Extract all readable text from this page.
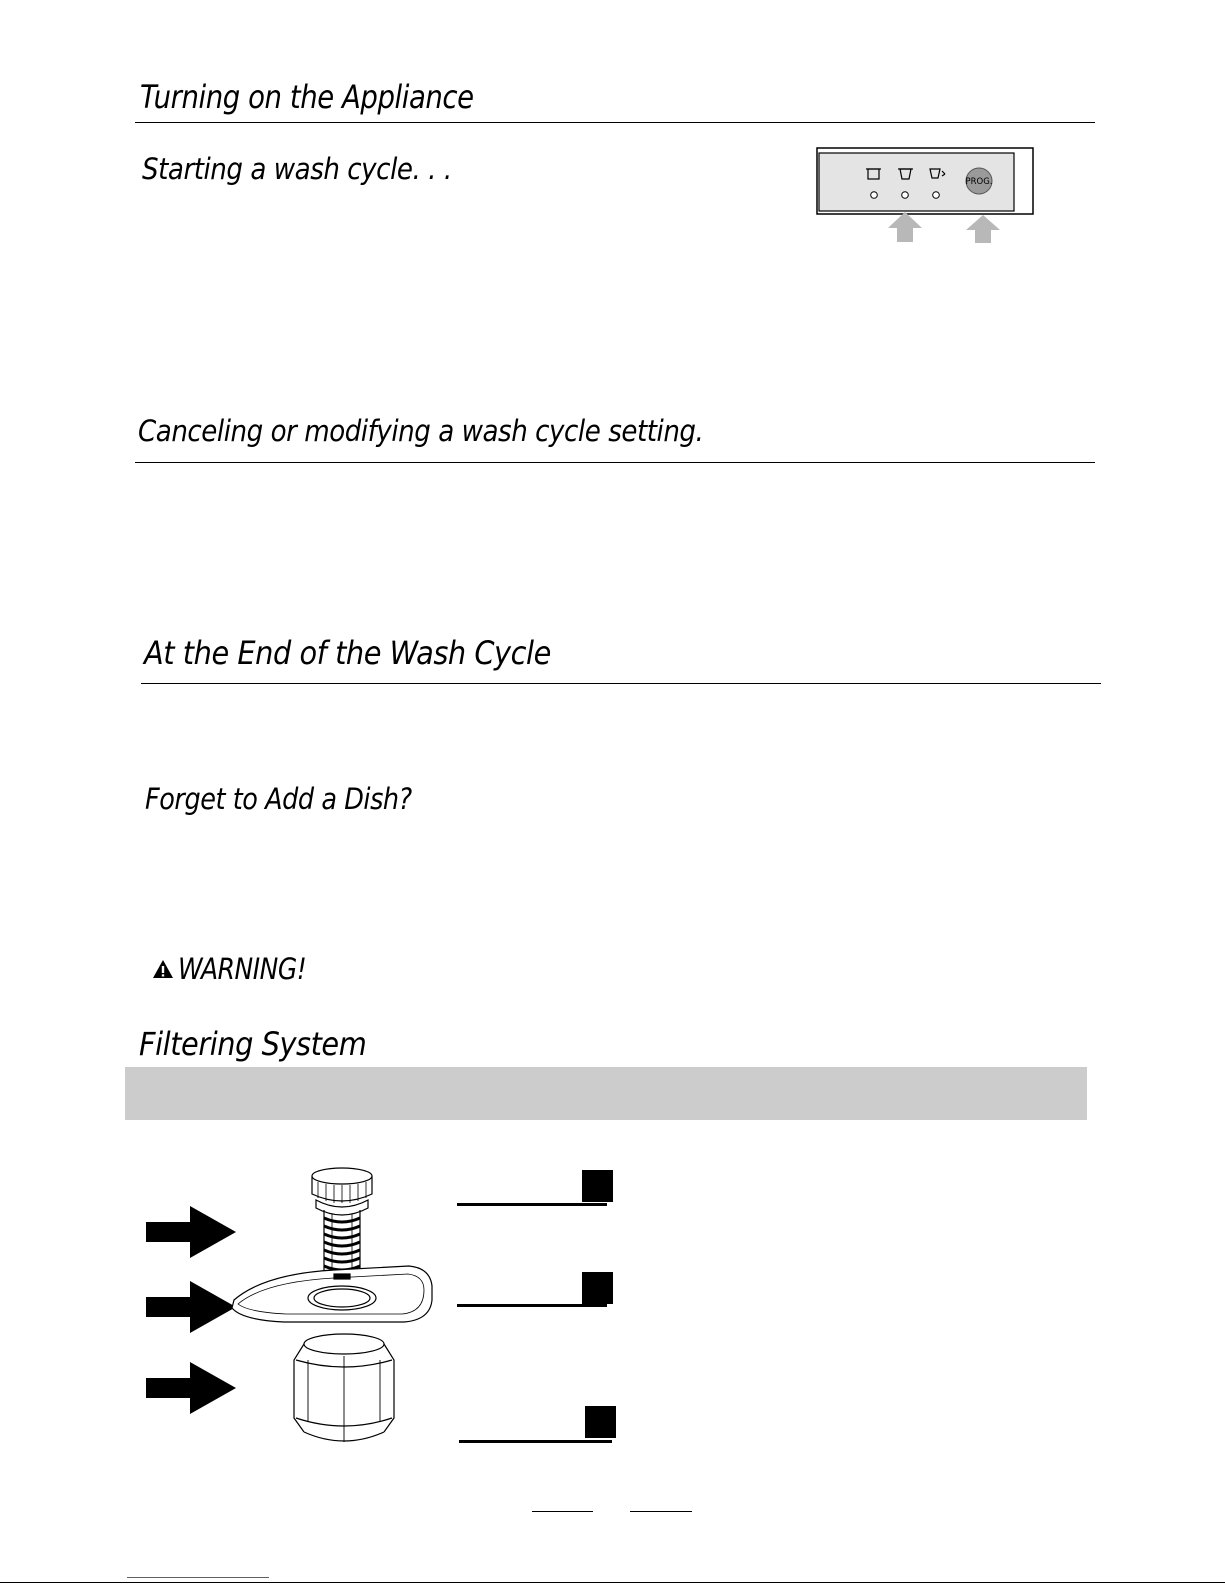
Turning on the Appliance
Starting a wash cycle. . .	PROG.
Canceling or modifying a wash cycle setting.
At the End of the Wash Cycle
Forget to Add a Dish?
WARNING!
Filtering System
